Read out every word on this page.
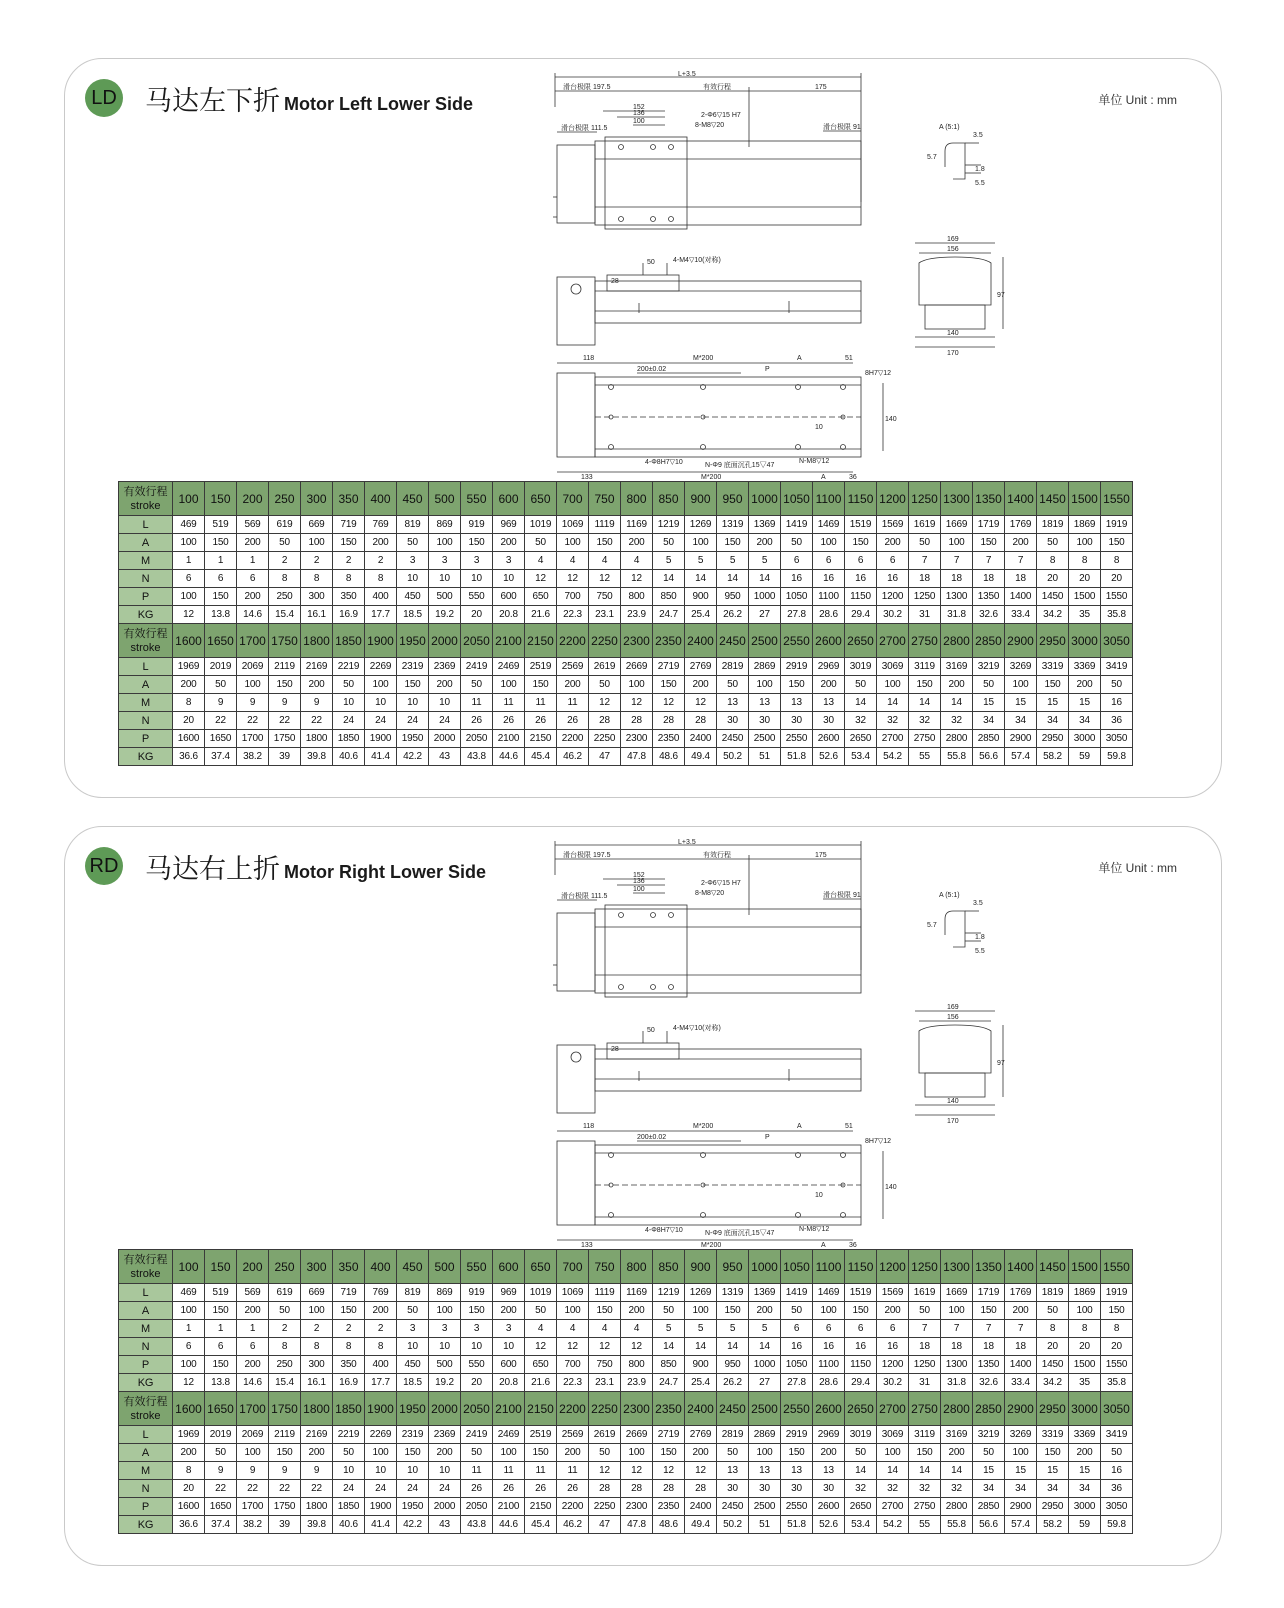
LD 马达左下折 Motor Left Lower Side	单位 Unit : mm
L+3.5
滑台极限 197.5	有效行程	175
152
136
100
2-Φ6▽15 H7
8-M8▽20
滑台极限 111.5	滑台极限 91
50	4-M4▽10(对称)
28
118	M*200
200±0.02	P
A	51
8H7▽12
10
140
4-Φ8H7▽10	N-Φ9 底面沉孔15▽47
N-M8▽12
133	M*200	A	36
A (5:1)
3.5
5.7
1.8
5.5
169
156
97
140
170
有效行程
stroke	100	150	200	250	300	350	400	450	500	550	600	650	700	750	800	850	900	950	1000	1050	1100	1150	1200	1250	1300	1350	1400	1450	1500	1550
L	469	519	569	619	669	719	769	819	869	919	969	1019	1069	1119	1169	1219	1269	1319	1369	1419	1469	1519	1569	1619	1669	1719	1769	1819	1869	1919
A	100	150	200	50	100	150	200	50	100	150	200	50	100	150	200	50	100	150	200	50	100	150	200	50	100	150	200	50	100	150
M	1	1	1	2	2	2	2	3	3	3	3	4	4	4	4	5	5	5	5	6	6	6	6	7	7	7	7	8	8	8
N	6	6	6	8	8	8	8	10	10	10	10	12	12	12	12	14	14	14	14	16	16	16	16	18	18	18	18	20	20	20
P	100	150	200	250	300	350	400	450	500	550	600	650	700	750	800	850	900	950	1000	1050	1100	1150	1200	1250	1300	1350	1400	1450	1500	1550
KG	12	13.8	14.6	15.4	16.1	16.9	17.7	18.5	19.2	20	20.8	21.6	22.3	23.1	23.9	24.7	25.4	26.2	27	27.8	28.6	29.4	30.2	31	31.8	32.6	33.4	34.2	35	35.8

有效行程
stroke	1600	1650	1700	1750	1800	1850	1900	1950	2000	2050	2100	2150	2200	2250	2300	2350	2400	2450	2500	2550	2600	2650	2700	2750	2800	2850	2900	2950	3000	3050
L	1969	2019	2069	2119	2169	2219	2269	2319	2369	2419	2469	2519	2569	2619	2669	2719	2769	2819	2869	2919	2969	3019	3069	3119	3169	3219	3269	3319	3369	3419
A	200	50	100	150	200	50	100	150	200	50	100	150	200	50	100	150	200	50	100	150	200	50	100	150	200	50	100	150	200	50
M	8	9	9	9	9	10	10	10	10	11	11	11	11	12	12	12	12	13	13	13	13	14	14	14	14	15	15	15	15	16
N	20	22	22	22	22	24	24	24	24	26	26	26	26	28	28	28	28	30	30	30	30	32	32	32	32	34	34	34	34	36
P	1600	1650	1700	1750	1800	1850	1900	1950	2000	2050	2100	2150	2200	2250	2300	2350	2400	2450	2500	2550	2600	2650	2700	2750	2800	2850	2900	2950	3000	3050
KG	36.6	37.4	38.2	39	39.8	40.6	41.4	42.2	43	43.8	44.6	45.4	46.2	47	47.8	48.6	49.4	50.2	51	51.8	52.6	53.4	54.2	55	55.8	56.6	57.4	58.2	59	59.8
RD 马达右上折 Motor Right Lower Side	单位 Unit : mm
L+3.5
滑台极限 197.5	有效行程	175
152
136
100
2-Φ6▽15 H7
8-M8▽20
滑台极限 111.5	滑台极限 91
50	4-M4▽10(对称)
28
118	M*200
200±0.02	P
A	51
8H7▽12
10
140
4-Φ8H7▽10	N-Φ9 底面沉孔15▽47
N-M8▽12
133	M*200	A	36
A (5:1)
3.5
5.7
1.8
5.5
169
156
97
140
170
有效行程
stroke	100	150	200	250	300	350	400	450	500	550	600	650	700	750	800	850	900	950	1000	1050	1100	1150	1200	1250	1300	1350	1400	1450	1500	1550
L	469	519	569	619	669	719	769	819	869	919	969	1019	1069	1119	1169	1219	1269	1319	1369	1419	1469	1519	1569	1619	1669	1719	1769	1819	1869	1919
A	100	150	200	50	100	150	200	50	100	150	200	50	100	150	200	50	100	150	200	50	100	150	200	50	100	150	200	50	100	150
M	1	1	1	2	2	2	2	3	3	3	3	4	4	4	4	5	5	5	5	6	6	6	6	7	7	7	7	8	8	8
N	6	6	6	8	8	8	8	10	10	10	10	12	12	12	12	14	14	14	14	16	16	16	16	18	18	18	18	20	20	20
P	100	150	200	250	300	350	400	450	500	550	600	650	700	750	800	850	900	950	1000	1050	1100	1150	1200	1250	1300	1350	1400	1450	1500	1550
KG	12	13.8	14.6	15.4	16.1	16.9	17.7	18.5	19.2	20	20.8	21.6	22.3	23.1	23.9	24.7	25.4	26.2	27	27.8	28.6	29.4	30.2	31	31.8	32.6	33.4	34.2	35	35.8

有效行程
stroke	1600	1650	1700	1750	1800	1850	1900	1950	2000	2050	2100	2150	2200	2250	2300	2350	2400	2450	2500	2550	2600	2650	2700	2750	2800	2850	2900	2950	3000	3050
L	1969	2019	2069	2119	2169	2219	2269	2319	2369	2419	2469	2519	2569	2619	2669	2719	2769	2819	2869	2919	2969	3019	3069	3119	3169	3219	3269	3319	3369	3419
A	200	50	100	150	200	50	100	150	200	50	100	150	200	50	100	150	200	50	100	150	200	50	100	150	200	50	100	150	200	50
M	8	9	9	9	9	10	10	10	10	11	11	11	11	12	12	12	12	13	13	13	13	14	14	14	14	15	15	15	15	16
N	20	22	22	22	22	24	24	24	24	26	26	26	26	28	28	28	28	30	30	30	30	32	32	32	32	34	34	34	34	36
P	1600	1650	1700	1750	1800	1850	1900	1950	2000	2050	2100	2150	2200	2250	2300	2350	2400	2450	2500	2550	2600	2650	2700	2750	2800	2850	2900	2950	3000	3050
KG	36.6	37.4	38.2	39	39.8	40.6	41.4	42.2	43	43.8	44.6	45.4	46.2	47	47.8	48.6	49.4	50.2	51	51.8	52.6	53.4	54.2	55	55.8	56.6	57.4	58.2	59	59.8
